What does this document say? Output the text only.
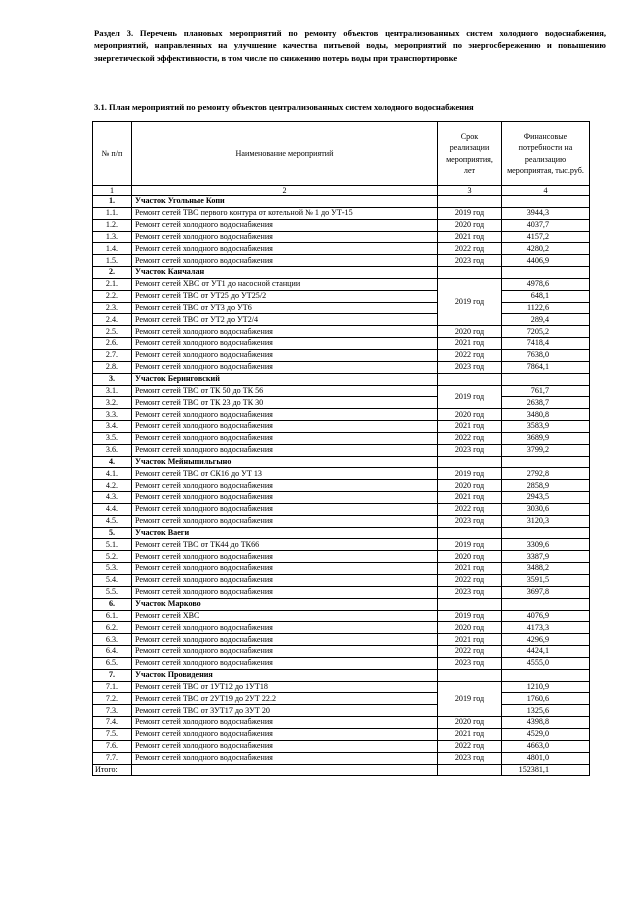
Раздел 3. Перечень плановых мероприятий по ремонту объектов централизованных систем холодного водоснабжения, мероприятий, направленных на улучшение качества питьевой воды, мероприятий по энергосбережению и повышению энергетической эффективности, в том числе по снижению потерь воды при транспортировке
3.1. План мероприятий по ремонту объектов централизованных систем холодного водоснабжения
№ п/п	Наименование мероприятий	Срок реализации мероприятия, лет	Финансовые потребности на реализацию мероприятая, тыс.руб.
1	2	3	4
1.	Участок Угольные Копи		
1.1.	Ремонт сетей ТВС первого контура от котельной № 1 до УТ-15	2019 год	3944,3
1.2.	Ремонт сетей холодного водоснабжения	2020 год	4037,7
1.3.	Ремонт сетей холодного водоснабжения	2021 год	4157,2
1.4.	Ремонт сетей холодного водоснабжения	2022 год	4280,2
1.5.	Ремонт сетей холодного водоснабжения	2023 год	4406,9
2.	Участок Канчалан		
2.1.	Ремонт сетей ХВС от УТ1 до насосной станции	2019 год	4978,6
2.2.	Ремонт сетей ТВС от УТ25 до УТ25/2		648,1
2.3.	Ремонт сетей ТВС от УТ3 до УТ6		1122,6
2.4.	Ремонт сетей ТВС от УТ2 до УТ2/4		289,4
2.5.	Ремонт сетей холодного водоснабжения	2020 год	7205,2
2.6.	Ремонт сетей холодного водоснабжения	2021 год	7418,4
2.7.	Ремонт сетей холодного водоснабжения	2022 год	7638,0
2.8.	Ремонт сетей холодного водоснабжения	2023 год	7864,1
3.	Участок Беринговский		
3.1.	Ремонт сетей ТВС от ТК 50 до ТК 56	2019 год	761,7
3.2.	Ремонт сетей ТВС от ТК 23 до ТК 30		2638,7
3.3.	Ремонт сетей холодного водоснабжения	2020 год	3480,8
3.4.	Ремонт сетей холодного водоснабжения	2021 год	3583,9
3.5.	Ремонт сетей холодного водоснабжения	2022 год	3689,9
3.6.	Ремонт сетей холодного водоснабжения	2023 год	3799,2
4.	Участок Мейныпильгыно		
4.1.	Ремонт сетей ТВС от СК16 до УТ 13	2019 год	2792,8
4.2.	Ремонт сетей холодного водоснабжения	2020 год	2858,9
4.3.	Ремонт сетей холодного водоснабжения	2021 год	2943,5
4.4.	Ремонт сетей холодного водоснабжения	2022 год	3030,6
4.5.	Ремонт сетей холодного водоснабжения	2023 год	3120,3
5.	Участок Ваеги		
5.1.	Ремонт сетей ТВС от ТК44 до ТК66	2019 год	3309,6
5.2.	Ремонт сетей холодного водоснабжения	2020 год	3387,9
5.3.	Ремонт сетей холодного водоснабжения	2021 год	3488,2
5.4.	Ремонт сетей холодного водоснабжения	2022 год	3591,5
5.5.	Ремонт сетей холодного водоснабжения	2023 год	3697,8
6.	Участок Марково		
6.1.	Ремонт сетей ХВС	2019 год	4076,9
6.2.	Ремонт сетей холодного водоснабжения	2020 год	4173,3
6.3.	Ремонт сетей холодного водоснабжения	2021 год	4296,9
6.4.	Ремонт сетей холодного водоснабжения	2022 год	4424,1
6.5.	Ремонт сетей холодного водоснабжения	2023 год	4555,0
7.	Участок Провидения		
7.1.	Ремонт сетей ТВС от 1УТ12 до 1УТ18	2019 год	1210,9
7.2.	Ремонт сетей ТВС от 2УТ19 до 2УТ 22.2		1760,6
7.3.	Ремонт сетей ТВС от 3УТ17 до 3УТ 20		1325,6
7.4.	Ремонт сетей холодного водоснабжения	2020 год	4398,8
7.5.	Ремонт сетей холодного водоснабжения	2021 год	4529,0
7.6.	Ремонт сетей холодного водоснабжения	2022 год	4663,0
7.7.	Ремонт сетей холодного водоснабжения	2023 год	4801,0
Итого:			152381,1
